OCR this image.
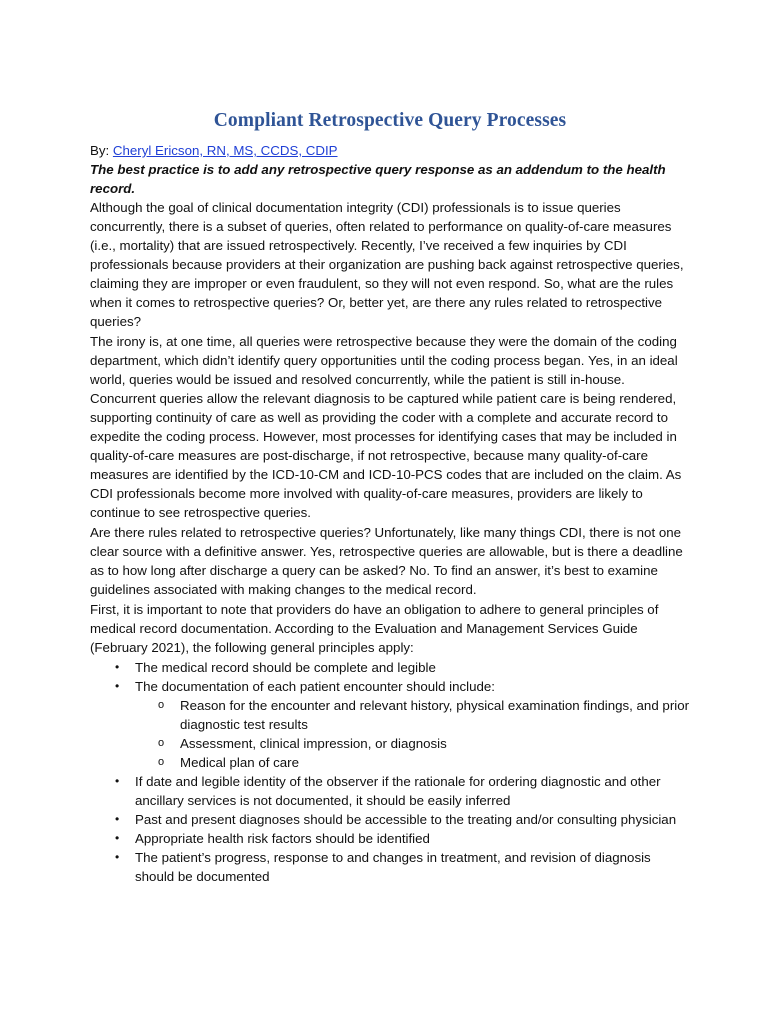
Compliant Retrospective Query Processes

By: Cheryl Ericson, RN, MS, CCDS, CDIP

The best practice is to add any retrospective query response as an addendum to the health record.

Although the goal of clinical documentation integrity (CDI) professionals is to issue queries concurrently, there is a subset of queries, often related to performance on quality-of-care measures (i.e., mortality) that are issued retrospectively. Recently, I’ve received a few inquiries by CDI professionals because providers at their organization are pushing back against retrospective queries, claiming they are improper or even fraudulent, so they will not even respond. So, what are the rules when it comes to retrospective queries? Or, better yet, are there any rules related to retrospective queries?

The irony is, at one time, all queries were retrospective because they were the domain of the coding department, which didn’t identify query opportunities until the coding process began. Yes, in an ideal world, queries would be issued and resolved concurrently, while the patient is still in-house. Concurrent queries allow the relevant diagnosis to be captured while patient care is being rendered, supporting continuity of care as well as providing the coder with a complete and accurate record to expedite the coding process. However, most processes for identifying cases that may be included in quality-of-care measures are post-discharge, if not retrospective, because many quality-of-care measures are identified by the ICD-10-CM and ICD-10-PCS codes that are included on the claim. As CDI professionals become more involved with quality-of-care measures, providers are likely to continue to see retrospective queries.

Are there rules related to retrospective queries? Unfortunately, like many things CDI, there is not one clear source with a definitive answer. Yes, retrospective queries are allowable, but is there a deadline as to how long after discharge a query can be asked? No. To find an answer, it’s best to examine guidelines associated with making changes to the medical record.

First, it is important to note that providers do have an obligation to adhere to general principles of medical record documentation. According to the Evaluation and Management Services Guide (February 2021), the following general principles apply:

• The medical record should be complete and legible
• The documentation of each patient encounter should include:
o Reason for the encounter and relevant history, physical examination findings, and prior diagnostic test results
o Assessment, clinical impression, or diagnosis
o Medical plan of care
• If date and legible identity of the observer if the rationale for ordering diagnostic and other ancillary services is not documented, it should be easily inferred
• Past and present diagnoses should be accessible to the treating and/or consulting physician
• Appropriate health risk factors should be identified
• The patient’s progress, response to and changes in treatment, and revision of diagnosis should be documented
